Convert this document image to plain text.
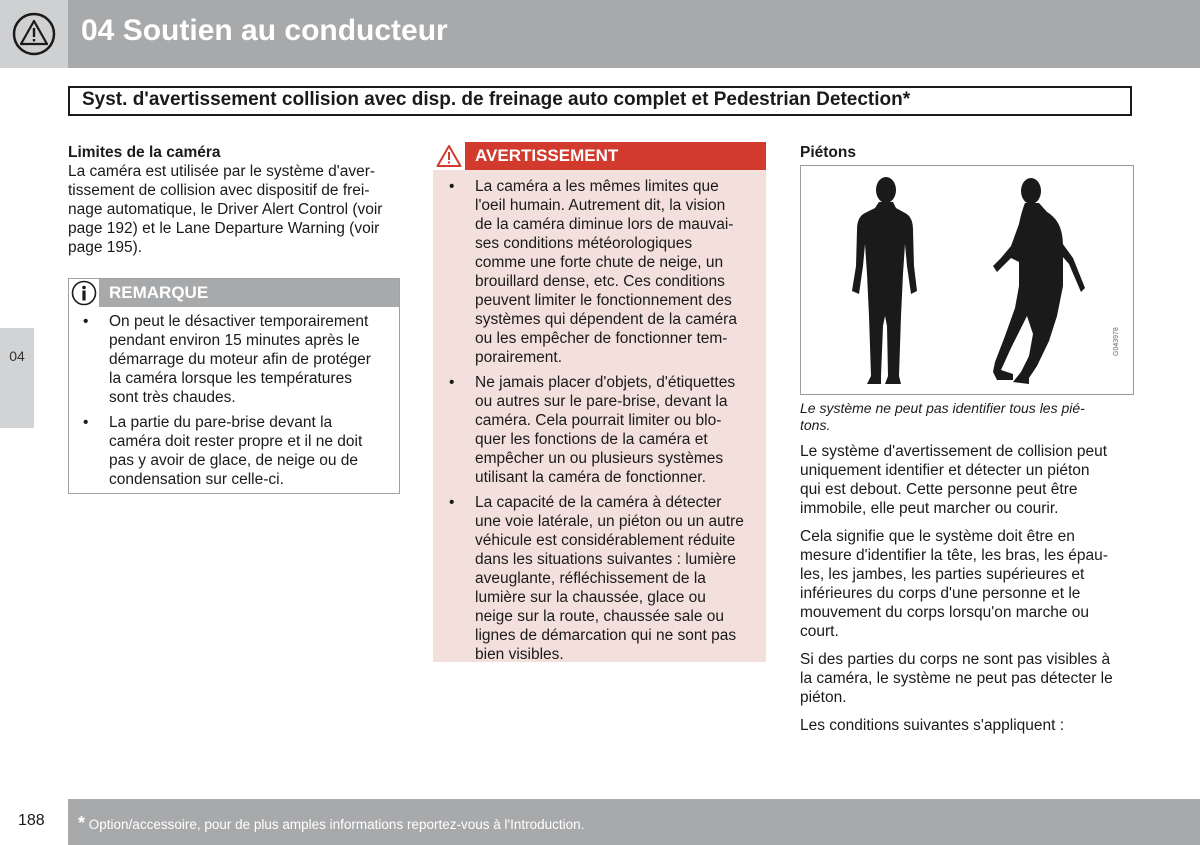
04 Soutien au conducteur
04
Syst. d'avertissement collision avec disp. de freinage auto complet et Pedestrian Detection*
Limites de la caméra

La caméra est utilisée par le système d'aver-
tissement de collision avec dispositif de frei-
nage automatique, le Driver Alert Control (voir
page 192) et le Lane Departure Warning (voir
page 195).

REMARQUE
• On peut le désactiver temporairement
pendant environ 15 minutes après le
démarrage du moteur afin de protéger
la caméra lorsque les températures
sont très chaudes.
• La partie du pare-brise devant la
caméra doit rester propre et il ne doit
pas y avoir de glace, de neige ou de
condensation sur celle-ci.
AVERTISSEMENT
• La caméra a les mêmes limites que
l'oeil humain. Autrement dit, la vision
de la caméra diminue lors de mauvai-
ses conditions météorologiques
comme une forte chute de neige, un
brouillard dense, etc. Ces conditions
peuvent limiter le fonctionnement des
systèmes qui dépendent de la caméra
ou les empêcher de fonctionner tem-
porairement.
• Ne jamais placer d'objets, d'étiquettes
ou autres sur le pare-brise, devant la
caméra. Cela pourrait limiter ou blo-
quer les fonctions de la caméra et
empêcher un ou plusieurs systèmes
utilisant la caméra de fonctionner.
• La capacité de la caméra à détecter
une voie latérale, un piéton ou un autre
véhicule est considérablement réduite
dans les situations suivantes : lumière
aveuglante, réfléchissement de la
lumière sur la chaussée, glace ou
neige sur la route, chaussée sale ou
lignes de démarcation qui ne sont pas
bien visibles.
Piétons
G043978
Le système ne peut pas identifier tous les pié-
tons.

Le système d'avertissement de collision peut
uniquement identifier et détecter un piéton
qui est debout. Cette personne peut être
immobile, elle peut marcher ou courir.

Cela signifie que le système doit être en
mesure d'identifier la tête, les bras, les épau-
les, les jambes, les parties supérieures et
inférieures du corps d'une personne et le
mouvement du corps lorsqu'on marche ou
court.

Si des parties du corps ne sont pas visibles à
la caméra, le système ne peut pas détecter le
piéton.

Les conditions suivantes s'appliquent :

188 * Option/accessoire, pour de plus amples informations reportez-vous à l'Introduction.
